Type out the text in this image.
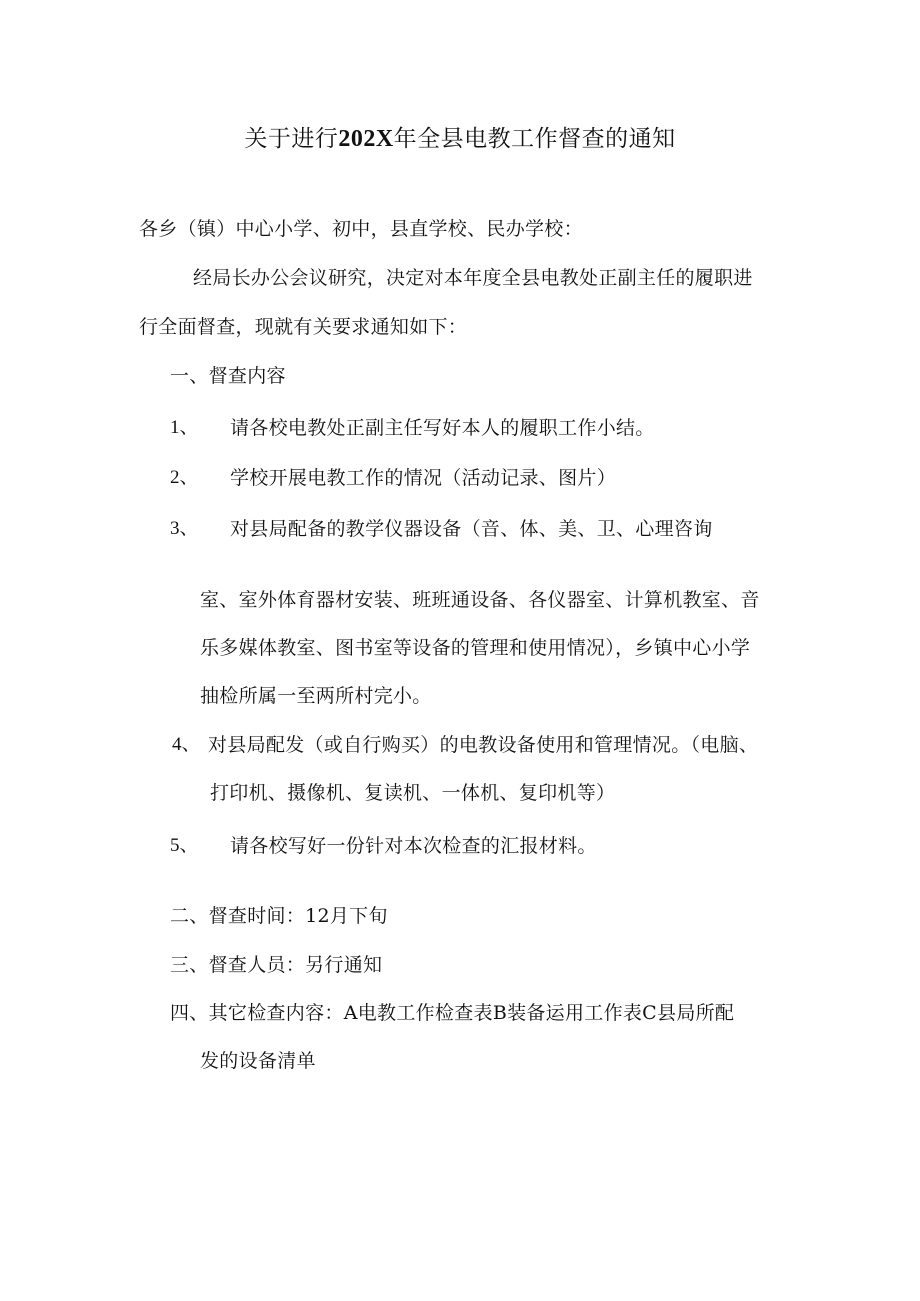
关于进行202X年全县电教工作督查的通知
各乡（镇）中心小学、初中，县直学校、民办学校：
经局长办公会议研究，决定对本年度全县电教处正副主任的履职进
行全面督查，现就有关要求通知如下：
一、督查内容
1、 请各校电教处正副主任写好本人的履职工作小结。
2、 学校开展电教工作的情况（活动记录、图片）
3、 对县局配备的教学仪器设备（音、体、美、卫、心理咨询
室、室外体育器材安装、班班通设备、各仪器室、计算机教室、音
乐多媒体教室、图书室等设备的管理和使用情况），乡镇中心小学
抽检所属一至两所村完小。
4、 对县局配发（或自行购买）的电教设备使用和管理情况。（电脑、
打印机、摄像机、复读机、一体机、复印机等）
5、 请各校写好一份针对本次检查的汇报材料。
二、督查时间：12月下旬
三、督查人员：另行通知
四、其它检查内容：A电教工作检查表B装备运用工作表C县局所配
发的设备清单
